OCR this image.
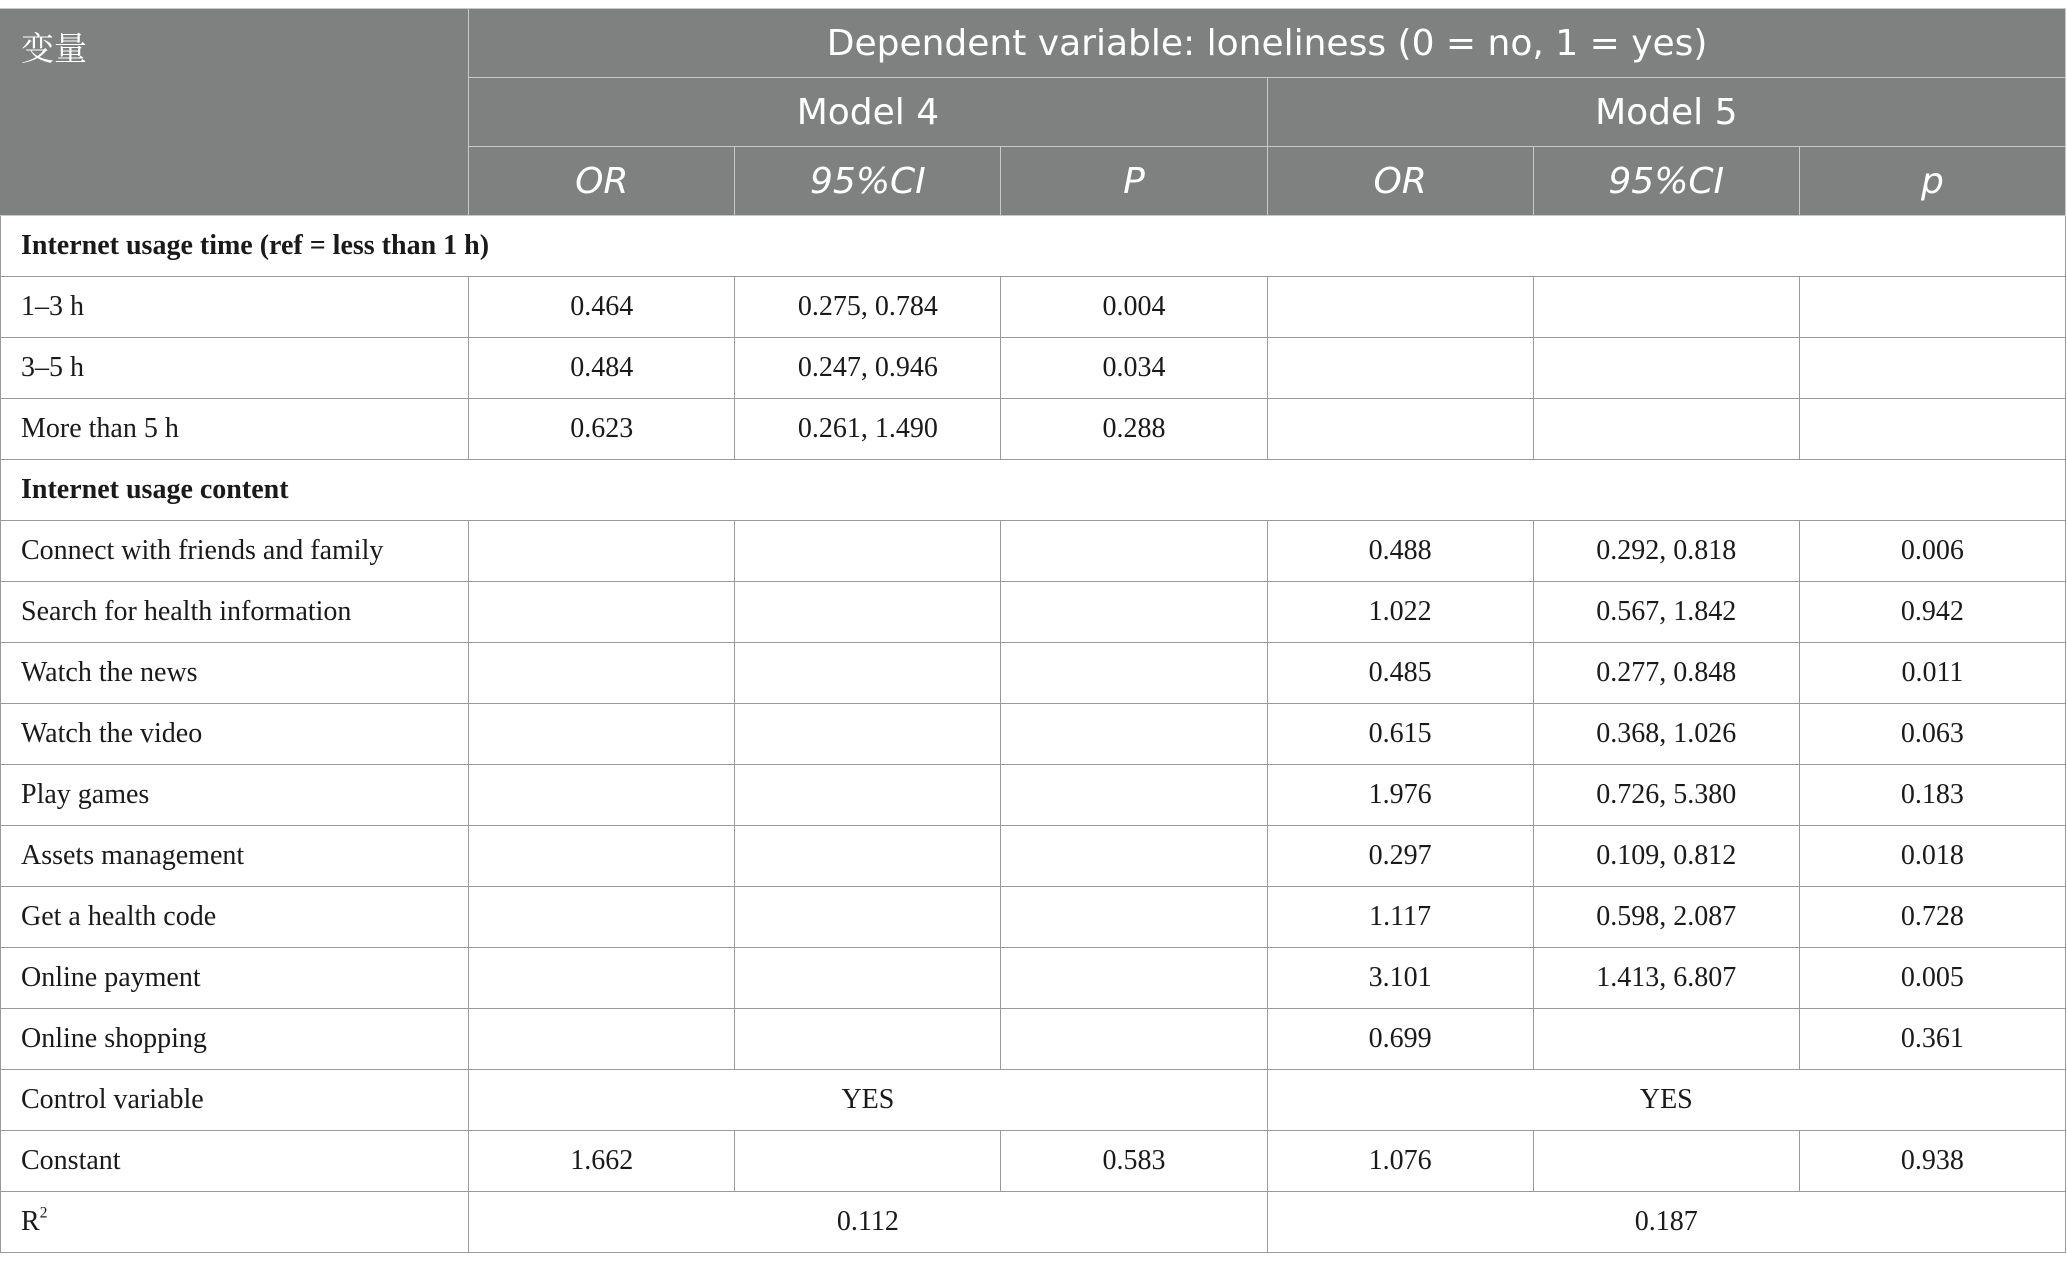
变量	Dependent variable: loneliness (0 = no, 1 = yes)					
	Model 4			Model 5		
	OR	95%CI	P	OR	95%CI	p
Internet usage time (ref = less than 1 h)						
1–3 h	0.464	0.275, 0.784	0.004			
3–5 h	0.484	0.247, 0.946	0.034			
More than 5 h	0.623	0.261, 1.490	0.288			
Internet usage content						
Connect with friends and family				0.488	0.292, 0.818	0.006
Search for health information				1.022	0.567, 1.842	0.942
Watch the news				0.485	0.277, 0.848	0.011
Watch the video				0.615	0.368, 1.026	0.063
Play games				1.976	0.726, 5.380	0.183
Assets management				0.297	0.109, 0.812	0.018
Get a health code				1.117	0.598, 2.087	0.728
Online payment				3.101	1.413, 6.807	0.005
Online shopping				0.699		0.361
Control variable	YES			YES		
Constant	1.662		0.583	1.076		0.938
$R^2$	0.112			0.187		
